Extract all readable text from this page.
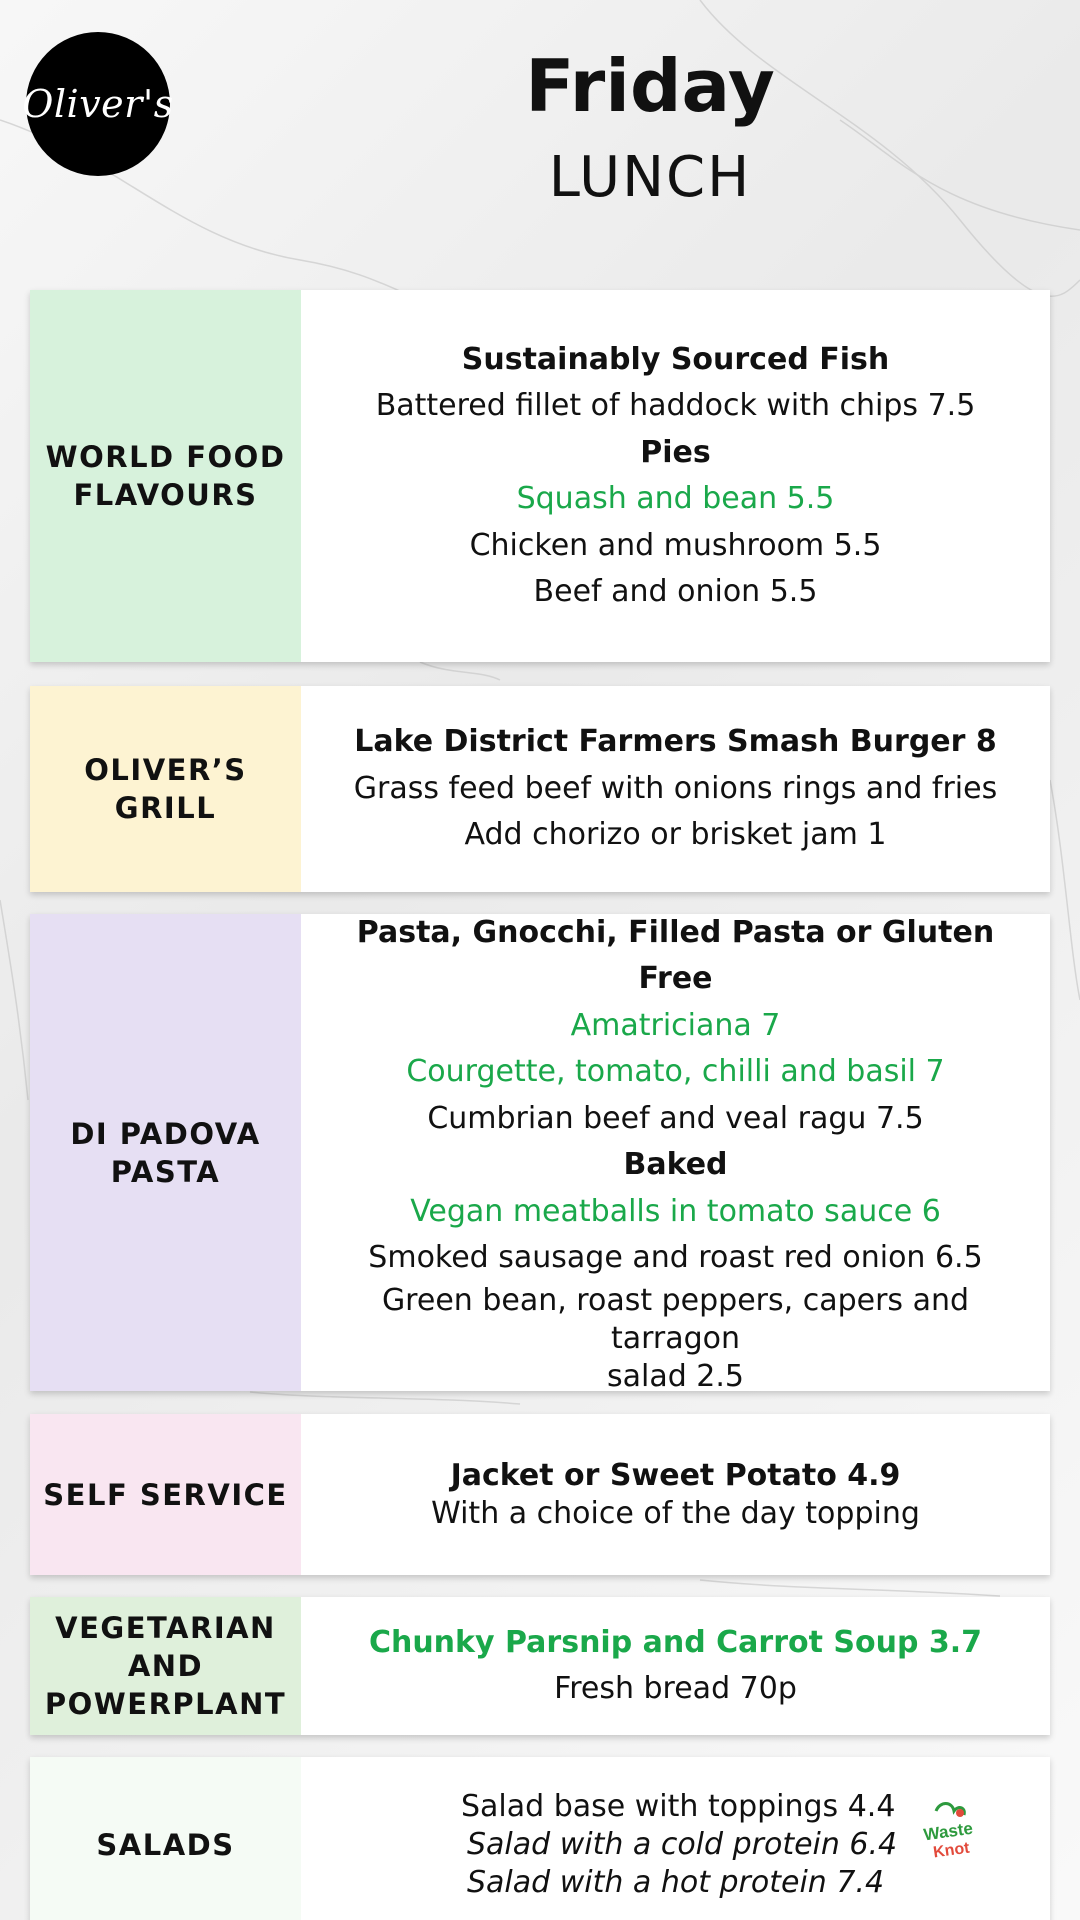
Oliver's	Friday
LUNCH
WORLD FOOD FLAVOURS
Sustainably Sourced Fish
Battered fillet of haddock with chips 7.5
Pies
Squash and bean 5.5
Chicken and mushroom 5.5
Beef and onion 5.5
OLIVER’S GRILL
Lake District Farmers Smash Burger 8
Grass feed beef with onions rings and fries
Add chorizo or brisket jam 1
DI PADOVA PASTA
Pasta, Gnocchi, Filled Pasta or Gluten Free
Amatriciana 7
Courgette, tomato, chilli and basil 7
Cumbrian beef and veal ragu 7.5
Baked
Vegan meatballs in tomato sauce 6
Smoked sausage and roast red onion 6.5
Green bean, roast peppers, capers and tarragon
salad 2.5
SELF SERVICE
Jacket or Sweet Potato 4.9
With a choice of the day topping
VEGETARIAN AND POWERPLANT
Chunky Parsnip and Carrot Soup 3.7
Fresh bread 70p
SALADS
Salad base with toppings 4.4
Salad with a cold protein 6.4
Salad with a hot protein 7.4
Waste
Knot
